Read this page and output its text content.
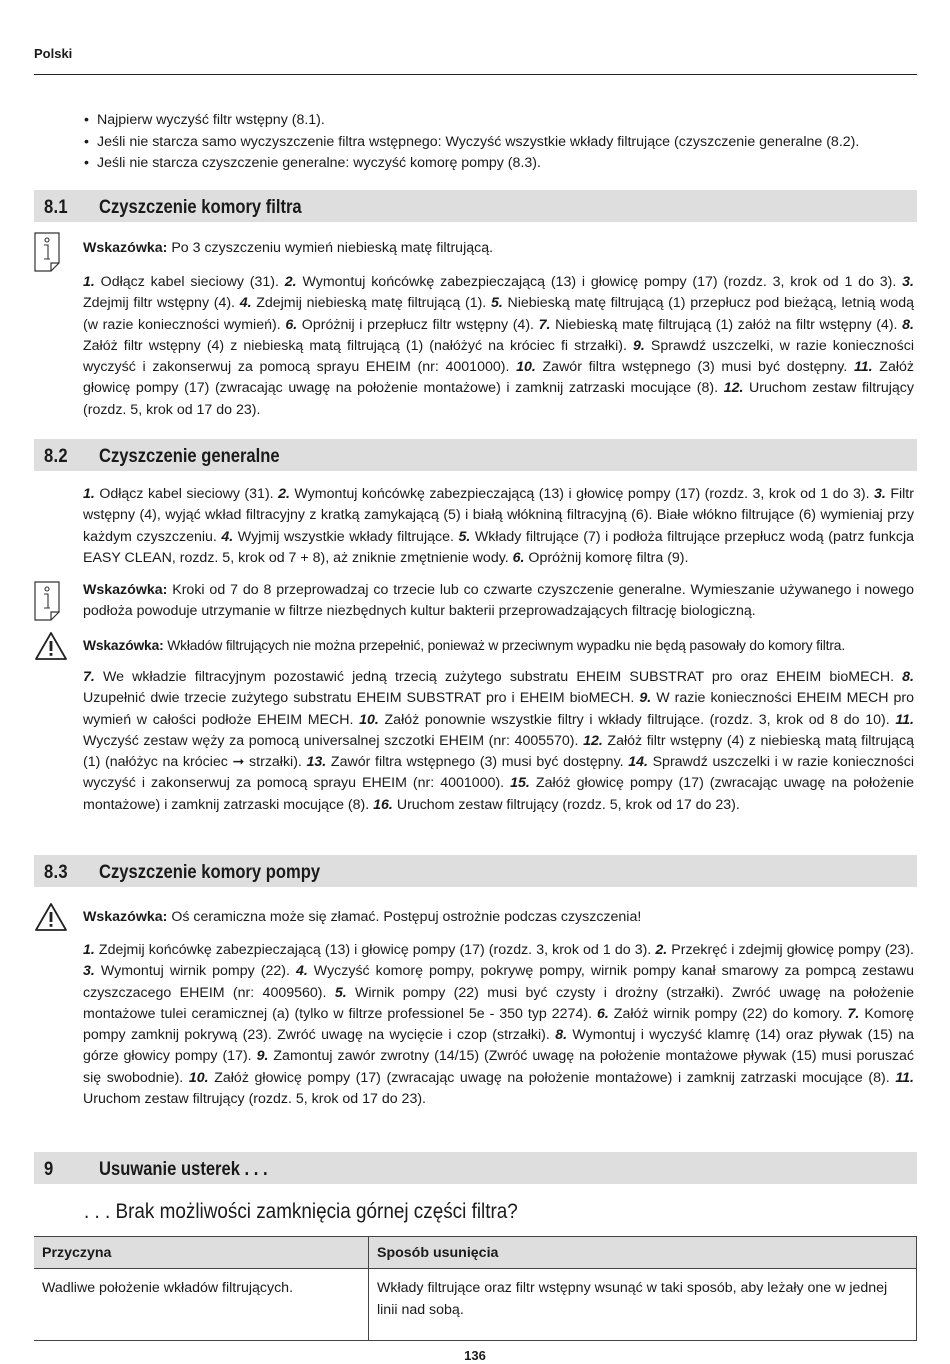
Polski
• Najpierw wyczyść filtr wstępny (8.1).
• Jeśli nie starcza samo wyczyszczenie filtra wstępnego: Wyczyść wszystkie wkłady filtrujące (czyszczenie generalne (8.2).
• Jeśli nie starcza czyszczenie generalne: wyczyść komorę pompy (8.3).
8.1 Czyszczenie komory filtra
Wskazówka: Po 3 czyszczeniu wymień niebieską matę filtrującą.
1. Odłącz kabel sieciowy (31). 2. Wymontuj końcówkę zabezpieczającą (13) i głowicę pompy (17) (rozdz. 3, krok od 1 do 3). 3. Zdejmij filtr wstępny (4). 4. Zdejmij niebieską matę filtrującą (1). 5. Niebieską matę filtrującą (1) przepłucz pod bieżącą, letnią wodą (w razie konieczności wymień). 6. Opróżnij i przepłucz filtr wstępny (4). 7. Niebieską matę filtrującą (1) załóż na filtr wstępny (4). 8. Załóż filtr wstępny (4) z niebieską matą filtrującą (1) (nałóżyć na króciec fi strzałki). 9. Sprawdź uszczelki, w razie konieczności wyczyść i zakonserwuj za pomocą sprayu EHEIM (nr: 4001000). 10. Zawór filtra wstępnego (3) musi być dostępny. 11. Załóż głowicę pompy (17) (zwracając uwagę na położenie montażowe) i zamknij zatrzaski mocujące (8). 12. Uruchom zestaw filtrujący (rozdz. 5, krok od 17 do 23).
8.2 Czyszczenie generalne
1. Odłącz kabel sieciowy (31). 2. Wymontuj końcówkę zabezpieczającą (13) i głowicę pompy (17) (rozdz. 3, krok od 1 do 3). 3. Filtr wstępny (4), wyjąć wkład filtracyjny z kratką zamykającą (5) i białą włókniną filtracyjną (6). Białe włókno filtrujące (6) wymieniaj przy każdym czyszczeniu. 4. Wyjmij wszystkie wkłady filtrujące. 5. Wkłady filtrujące (7) i podłoża filtrujące przepłucz wodą (patrz funkcja EASY CLEAN, rozdz. 5, krok od 7 + 8), aż zniknie zmętnienie wody. 6. Opróżnij komorę filtra (9).
Wskazówka: Kroki od 7 do 8 przeprowadzaj co trzecie lub co czwarte czyszczenie generalne. Wymieszanie używanego i nowego podłoża powoduje utrzymanie w filtrze niezbędnych kultur bakterii przeprowadzających filtrację biologiczną.
Wskazówka: Wkładów filtrujących nie można przepełnić, ponieważ w przeciwnym wypadku nie będą pasowały do komory filtra.
7. We wkładzie filtracyjnym pozostawić jedną trzecią zużytego substratu EHEIM SUBSTRAT pro oraz EHEIM bioMECH. 8. Uzupełnić dwie trzecie zużytego substratu EHEIM SUBSTRAT pro i EHEIM bioMECH. 9. W razie konieczności EHEIM MECH pro wymień w całości podłoże EHEIM MECH. 10. Załóż ponownie wszystkie filtry i wkłady filtrujące. (rozdz. 3, krok od 8 do 10). 11. Wyczyść zestaw węży za pomocą universalnej szczotki EHEIM (nr: 4005570). 12. Załóż filtr wstępny (4) z niebieską matą filtrującą (1) (nałóżyc na króciec ➞ strzałki). 13. Zawór filtra wstępnego (3) musi być dostępny. 14. Sprawdź uszczelki i w razie konieczności wyczyść i zakonserwuj za pomocą sprayu EHEIM (nr: 4001000). 15. Załóż głowicę pompy (17) (zwracając uwagę na położenie montażowe) i zamknij zatrzaski mocujące (8). 16. Uruchom zestaw filtrujący (rozdz. 5, krok od 17 do 23).
8.3 Czyszczenie komory pompy
Wskazówka: Oś ceramiczna może się złamać. Postępuj ostrożnie podczas czyszczenia!
1. Zdejmij końcówkę zabezpieczającą (13) i głowicę pompy (17) (rozdz. 3, krok od 1 do 3). 2. Przekręć i zdejmij głowicę pompy (23). 3. Wymontuj wirnik pompy (22). 4. Wyczyść komorę pompy, pokrywę pompy, wirnik pompy kanał smarowy za pompcą zestawu czyszczacego EHEIM (nr: 4009560). 5. Wirnik pompy (22) musi być czysty i drożny (strzałki). Zwróć uwagę na położenie montażowe tulei ceramicznej (a) (tylko w filtrze professionel 5e - 350 typ 2274). 6. Załóż wirnik pompy (22) do komory. 7. Komorę pompy zamknij pokrywą (23). Zwróć uwagę na wycięcie i czop (strzałki). 8. Wymontuj i wyczyść klamrę (14) oraz pływak (15) na górze głowicy pompy (17). 9. Zamontuj zawór zwrotny (14/15) (Zwróć uwagę na położenie montażowe pływak (15) musi poruszać się swobodnie). 10. Załóż głowicę pompy (17) (zwracając uwagę na położenie montażowe) i zamknij zatrzaski mocujące (8). 11. Uruchom zestaw filtrujący (rozdz. 5, krok od 17 do 23).
9 Usuwanie usterek . . .
. . . Brak możliwości zamknięcia górnej części filtra?
Przyczyna	Sposób usunięcia
Wadliwe położenie wkładów filtrujących.	Wkłady filtrujące oraz filtr wstępny wsunąć w taki sposób, aby leżały one w jednej linii nad sobą.
136
